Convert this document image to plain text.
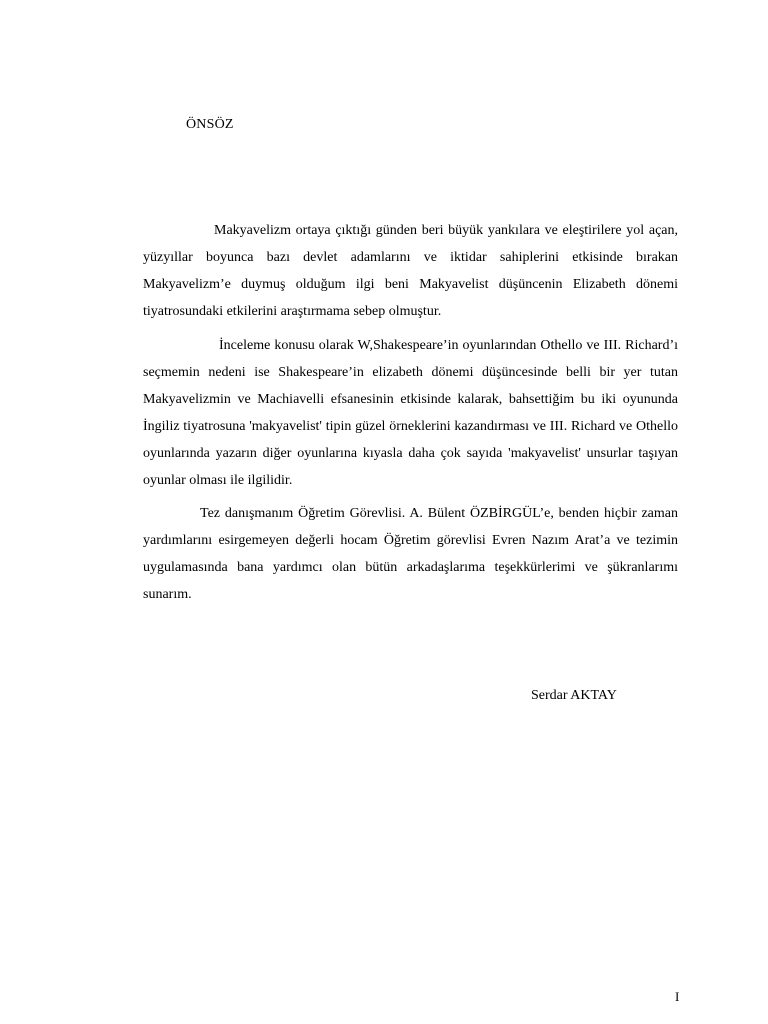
ÖNSÖZ

Makyavelizm ortaya çıktığı günden beri büyük yankılara ve eleştirilere yol açan, yüzyıllar boyunca bazı devlet adamlarını ve iktidar sahiplerini etkisinde bırakan Makyavelizm’e duymuş olduğum ilgi beni Makyavelist düşüncenin Elizabeth dönemi tiyatrosundaki etkilerini araştırmama sebep olmuştur.

İnceleme konusu olarak W,Shakespeare’in oyunlarından Othello ve III. Richard’ı seçmemin nedeni ise Shakespeare’in elizabeth dönemi düşüncesinde belli bir yer tutan Makyavelizmin ve Machiavelli efsanesinin etkisinde kalarak, bahsettiğim bu iki oyununda İngiliz tiyatrosuna 'makyavelist' tipin güzel örneklerini kazandırması ve III. Richard ve Othello oyunlarında yazarın diğer oyunlarına kıyasla daha çok sayıda 'makyavelist' unsurlar taşıyan oyunlar olması ile ilgilidir.

Tez danışmanım Öğretim Görevlisi. A. Bülent ÖZBİRGÜL’e, benden hiçbir zaman yardımlarını esirgemeyen değerli hocam Öğretim görevlisi Evren Nazım Arat’a ve tezimin uygulamasında bana yardımcı olan bütün arkadaşlarıma teşekkürlerimi ve şükranlarımı sunarım.

Serdar AKTAY
I
